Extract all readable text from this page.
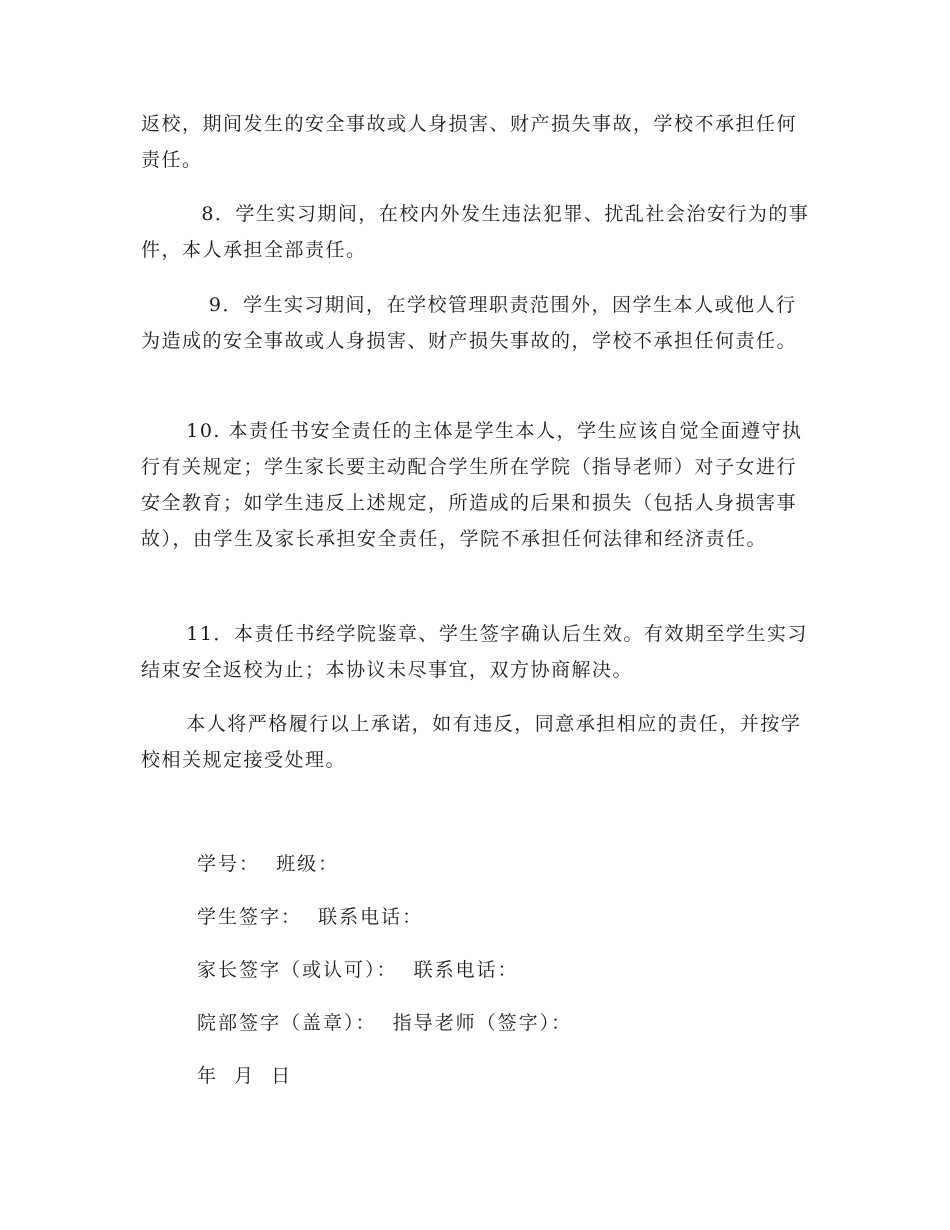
返校，期间发生的安全事故或人身损害、财产损失事故，学校不承担任何责任。

8．学生实习期间，在校内外发生违法犯罪、扰乱社会治安行为的事件，本人承担全部责任。

9．学生实习期间，在学校管理职责范围外，因学生本人或他人行为造成的安全事故或人身损害、财产损失事故的，学校不承担任何责任。

10. 本责任书安全责任的主体是学生本人，学生应该自觉全面遵守执行有关规定；学生家长要主动配合学生所在学院（指导老师）对子女进行安全教育；如学生违反上述规定，所造成的后果和损失（包括人身损害事故），由学生及家长承担安全责任，学院不承担任何法律和经济责任。

11．本责任书经学院鉴章、学生签字确认后生效。有效期至学生实习结束安全返校为止；本协议未尽事宜，双方协商解决。

本人将严格履行以上承诺，如有违反，同意承担相应的责任，并按学校相关规定接受处理。

学号：  班级：

学生签字：  联系电话：

家长签字（或认可）：  联系电话：

院部签字（盖章）：  指导老师（签字）：

年  月  日
